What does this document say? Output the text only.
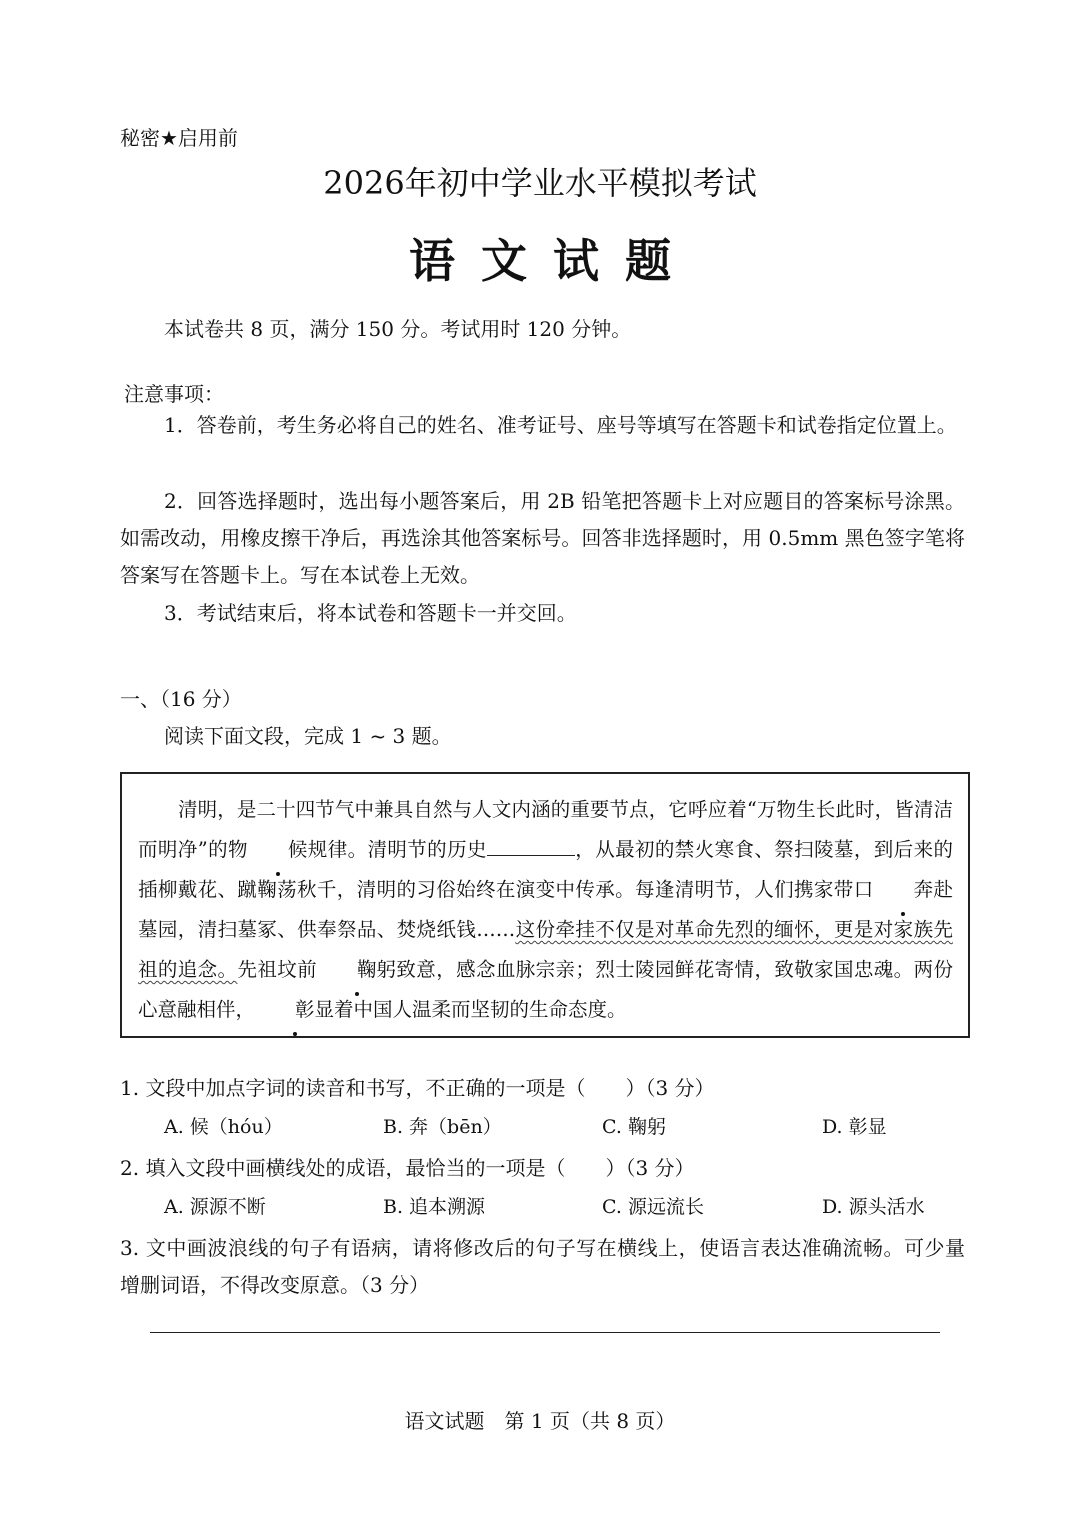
秘密★启用前
2026年初中学业水平模拟考试
语文试题
本试卷共 8 页，满分 150 分。考试用时 120 分钟。
注意事项：
1．答卷前，考生务必将自己的姓名、准考证号、座号等填写在答题卡和试卷指定位置上。
2．回答选择题时，选出每小题答案后，用 2B 铅笔把答题卡上对应题目的答案标号涂黑。如需改动，用橡皮擦干净后，再选涂其他答案标号。回答非选择题时，用 0.5mm 黑色签字笔将答案写在答题卡上。写在本试卷上无效。
3．考试结束后，将本试卷和答题卡一并交回。
一、（16 分）
阅读下面文段，完成 1 ~ 3 题。
清明，是二十四节气中兼具自然与人文内涵的重要节点，它呼应着“万物生长此时，皆清洁而明净”的物 候规律。清明节的历史	，从最初的禁火寒食、祭扫陵墓，到后来的插柳戴花、蹴鞠荡秋千，清明的习俗始终在演变中传承。每逢清明节，人们携家带口 奔赴墓园，清扫墓冢、供奉祭品、焚烧纸钱……这份牵挂不仅是对革命先烈的缅怀，更是对家族先祖的追念。先祖坟前 鞠躬致意，感念血脉宗亲；烈士陵园鲜花寄情，致敬家国忠魂。两份心意融相伴， 彰显着中国人温柔而坚韧的生命态度。
1. 文段中加点字词的读音和书写，不正确的一项是（　　）（3 分）
A. 候（hóu）	B. 奔（bēn）	C. 鞠躬	D. 彰显
2. 填入文段中画横线处的成语，最恰当的一项是（　　）（3 分）
A. 源源不断	B. 追本溯源	C. 源远流长	D. 源头活水
3. 文中画波浪线的句子有语病，请将修改后的句子写在横线上，使语言表达准确流畅。可少量增删词语，不得改变原意。（3 分）
语文试题　第 1 页（共 8 页）
